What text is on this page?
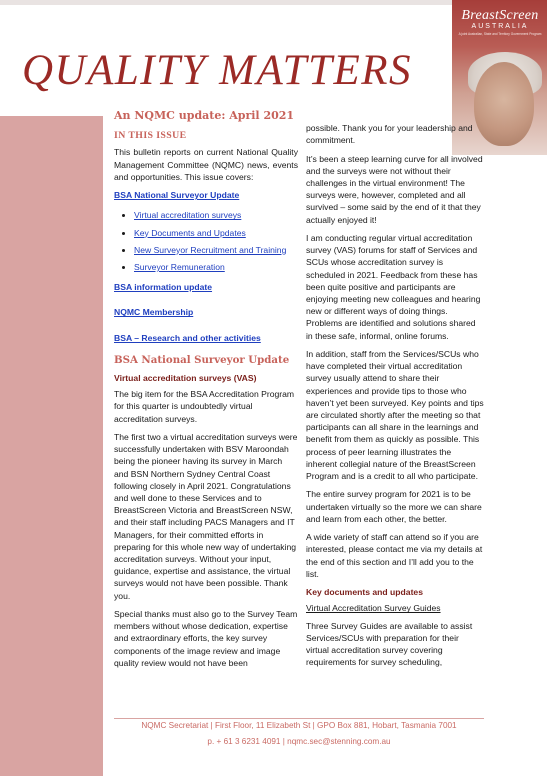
BreastScreen
AUSTRALIA
A joint Australian, State and Territory Government Program
QUALITY MATTERS
An NQMC update: April 2021
IN THIS ISSUE

This bulletin reports on current National Quality Management Committee (NQMC) news, events and opportunities. This issue covers:

BSA National Surveyor Update
• Virtual accreditation surveys
• Key Documents and Updates
• New Surveyor Recruitment and Training
• Surveyor Remuneration
BSA information update
NQMC Membership
BSA – Research and other activities
BSA National Surveyor Update
Virtual accreditation surveys (VAS)

The big item for the BSA Accreditation Program for this quarter is undoubtedly virtual accreditation surveys.

The first two a virtual accreditation surveys were successfully undertaken with BSV Maroondah being the pioneer having its survey in March and BSN Northern Sydney Central Coast following closely in April 2021. Congratulations and well done to these Services and to BreastScreen Victoria and BreastScreen NSW, and their staff including PACS Managers and IT Managers, for their committed efforts in preparing for this whole new way of undertaking accreditation surveys. Without your input, guidance, expertise and assistance, the virtual surveys would not have been possible. Thank you.

Special thanks must also go to the Survey Team members without whose dedication, expertise and extraordinary efforts, the key survey components of the image review and image quality review would not have been

possible. Thank you for your leadership and commitment.

It’s been a steep learning curve for all involved and the surveys were not without their challenges in the virtual environment! The surveys were, however, completed and all survived – some said by the end of it that they actually enjoyed it!

I am conducting regular virtual accreditation survey (VAS) forums for staff of Services and SCUs whose accreditation survey is scheduled in 2021. Feedback from these has been quite positive and participants are enjoying meeting new colleagues and hearing new or different ways of doing things. Problems are identified and solutions shared in these safe, informal, online forums.

In addition, staff from the Services/SCUs who have completed their virtual accreditation survey usually attend to share their experiences and provide tips to those who haven’t yet been surveyed. Key points and tips are circulated shortly after the meeting so that participants can all share in the learnings and benefit from them as quickly as possible. This process of peer learning illustrates the inherent collegial nature of the BreastScreen Program and is a credit to all who participate.

The entire survey program for 2021 is to be undertaken virtually so the more we can share and learn from each other, the better.

A wide variety of staff can attend so if you are interested, please contact me via my details at the end of this section and I’ll add you to the list.

Key documents and updates
Virtual Accreditation Survey Guides

Three Survey Guides are available to assist Services/SCUs with preparation for their virtual accreditation survey covering requirements for survey scheduling,

NQMC Secretariat | First Floor, 11 Elizabeth St | GPO Box 881, Hobart, Tasmania 7001
p. + 61 3 6231 4091 | nqmc.sec@stenning.com.au
